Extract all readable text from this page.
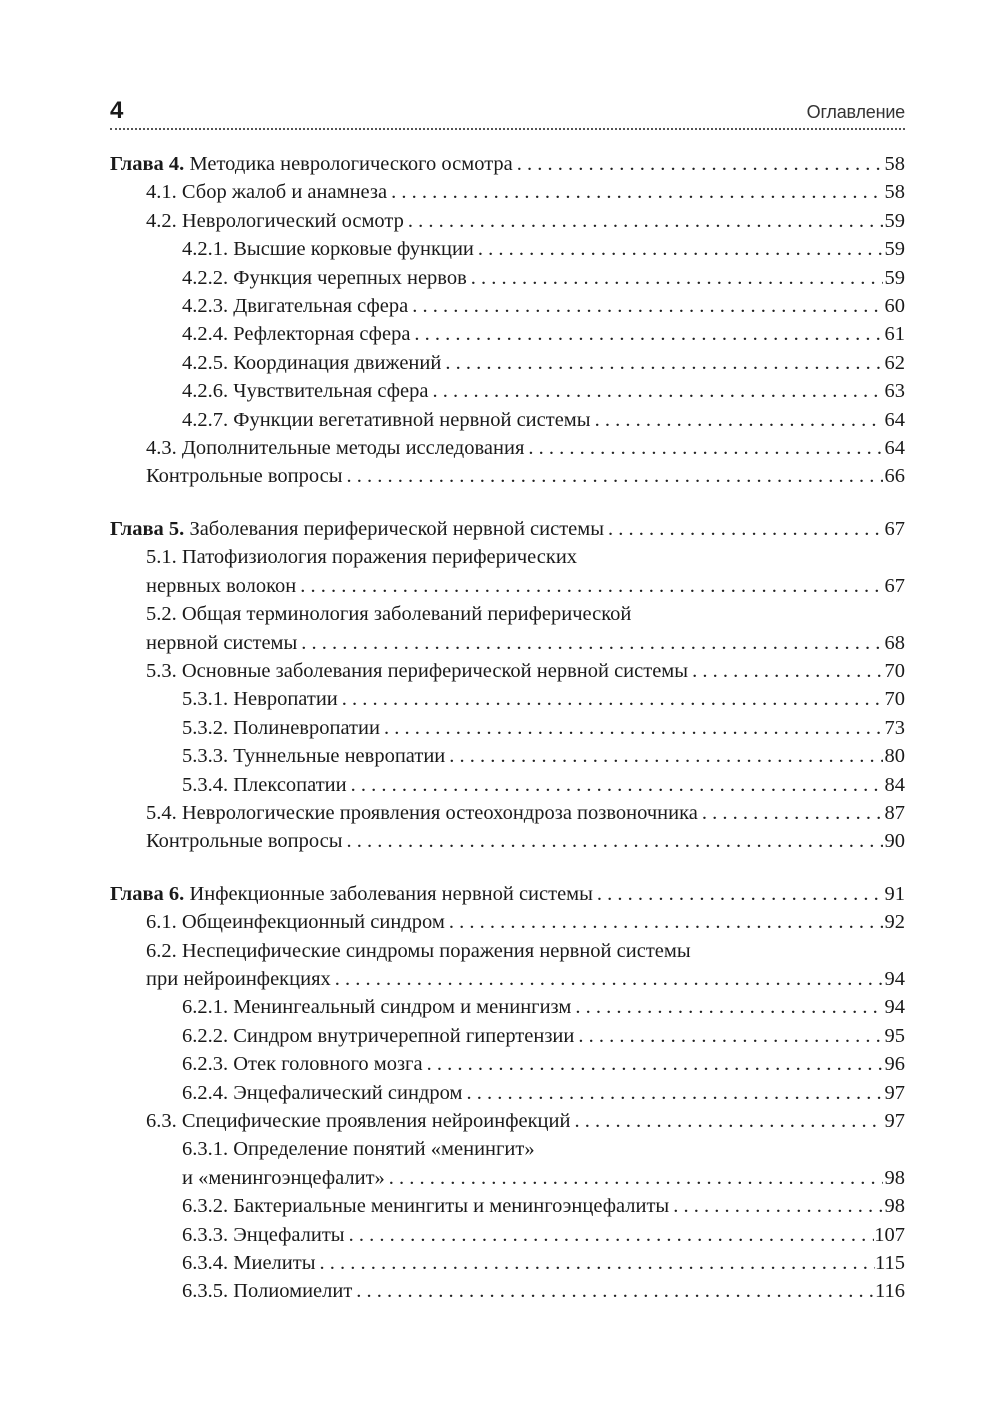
4	Оглавление
Глава 4. Методика неврологического осмотра . . .	58
4.1. Сбор жалоб и анамнеза . . .	58
4.2. Неврологический осмотр . . .	59
4.2.1. Высшие корковые функции . . .	59
4.2.2. Функция черепных нервов . . .	59
4.2.3. Двигательная сфера . . .	60
4.2.4. Рефлекторная сфера . . .	61
4.2.5. Координация движений . . .	62
4.2.6. Чувствительная сфера . . .	63
4.2.7. Функции вегетативной нервной системы . . .	64
4.3. Дополнительные методы исследования . . .	64
Контрольные вопросы . . .	66
Глава 5. Заболевания периферической нервной системы . . .	67
5.1. Патофизиология поражения периферических
нервных волокон . . .	67
5.2. Общая терминология заболеваний периферической
нервной системы . . .	68
5.3. Основные заболевания периферической нервной системы . . .	70
5.3.1. Невропатии . . .	70
5.3.2. Полиневропатии . . .	73
5.3.3. Туннельные невропатии . . .	80
5.3.4. Плексопатии . . .	84
5.4. Неврологические проявления остеохондроза позвоночника . . .	87
Контрольные вопросы . . .	90
Глава 6. Инфекционные заболевания нервной системы . . .	91
6.1. Общеинфекционный синдром . . .	92
6.2. Неспецифические синдромы поражения нервной системы
при нейроинфекциях . . .	94
6.2.1. Менингеальный синдром и менингизм . . .	94
6.2.2. Синдром внутричерепной гипертензии . . .	95
6.2.3. Отек головного мозга . . .	96
6.2.4. Энцефалический синдром . . .	97
6.3. Специфические проявления нейроинфекций . . .	97
6.3.1. Определение понятий «менингит»
и «менингоэнцефалит» . . .	98
6.3.2. Бактериальные менингиты и менингоэнцефалиты . . .	98
6.3.3. Энцефалиты . . .	107
6.3.4. Миелиты . . .	115
6.3.5. Полиомиелит . . .	116
